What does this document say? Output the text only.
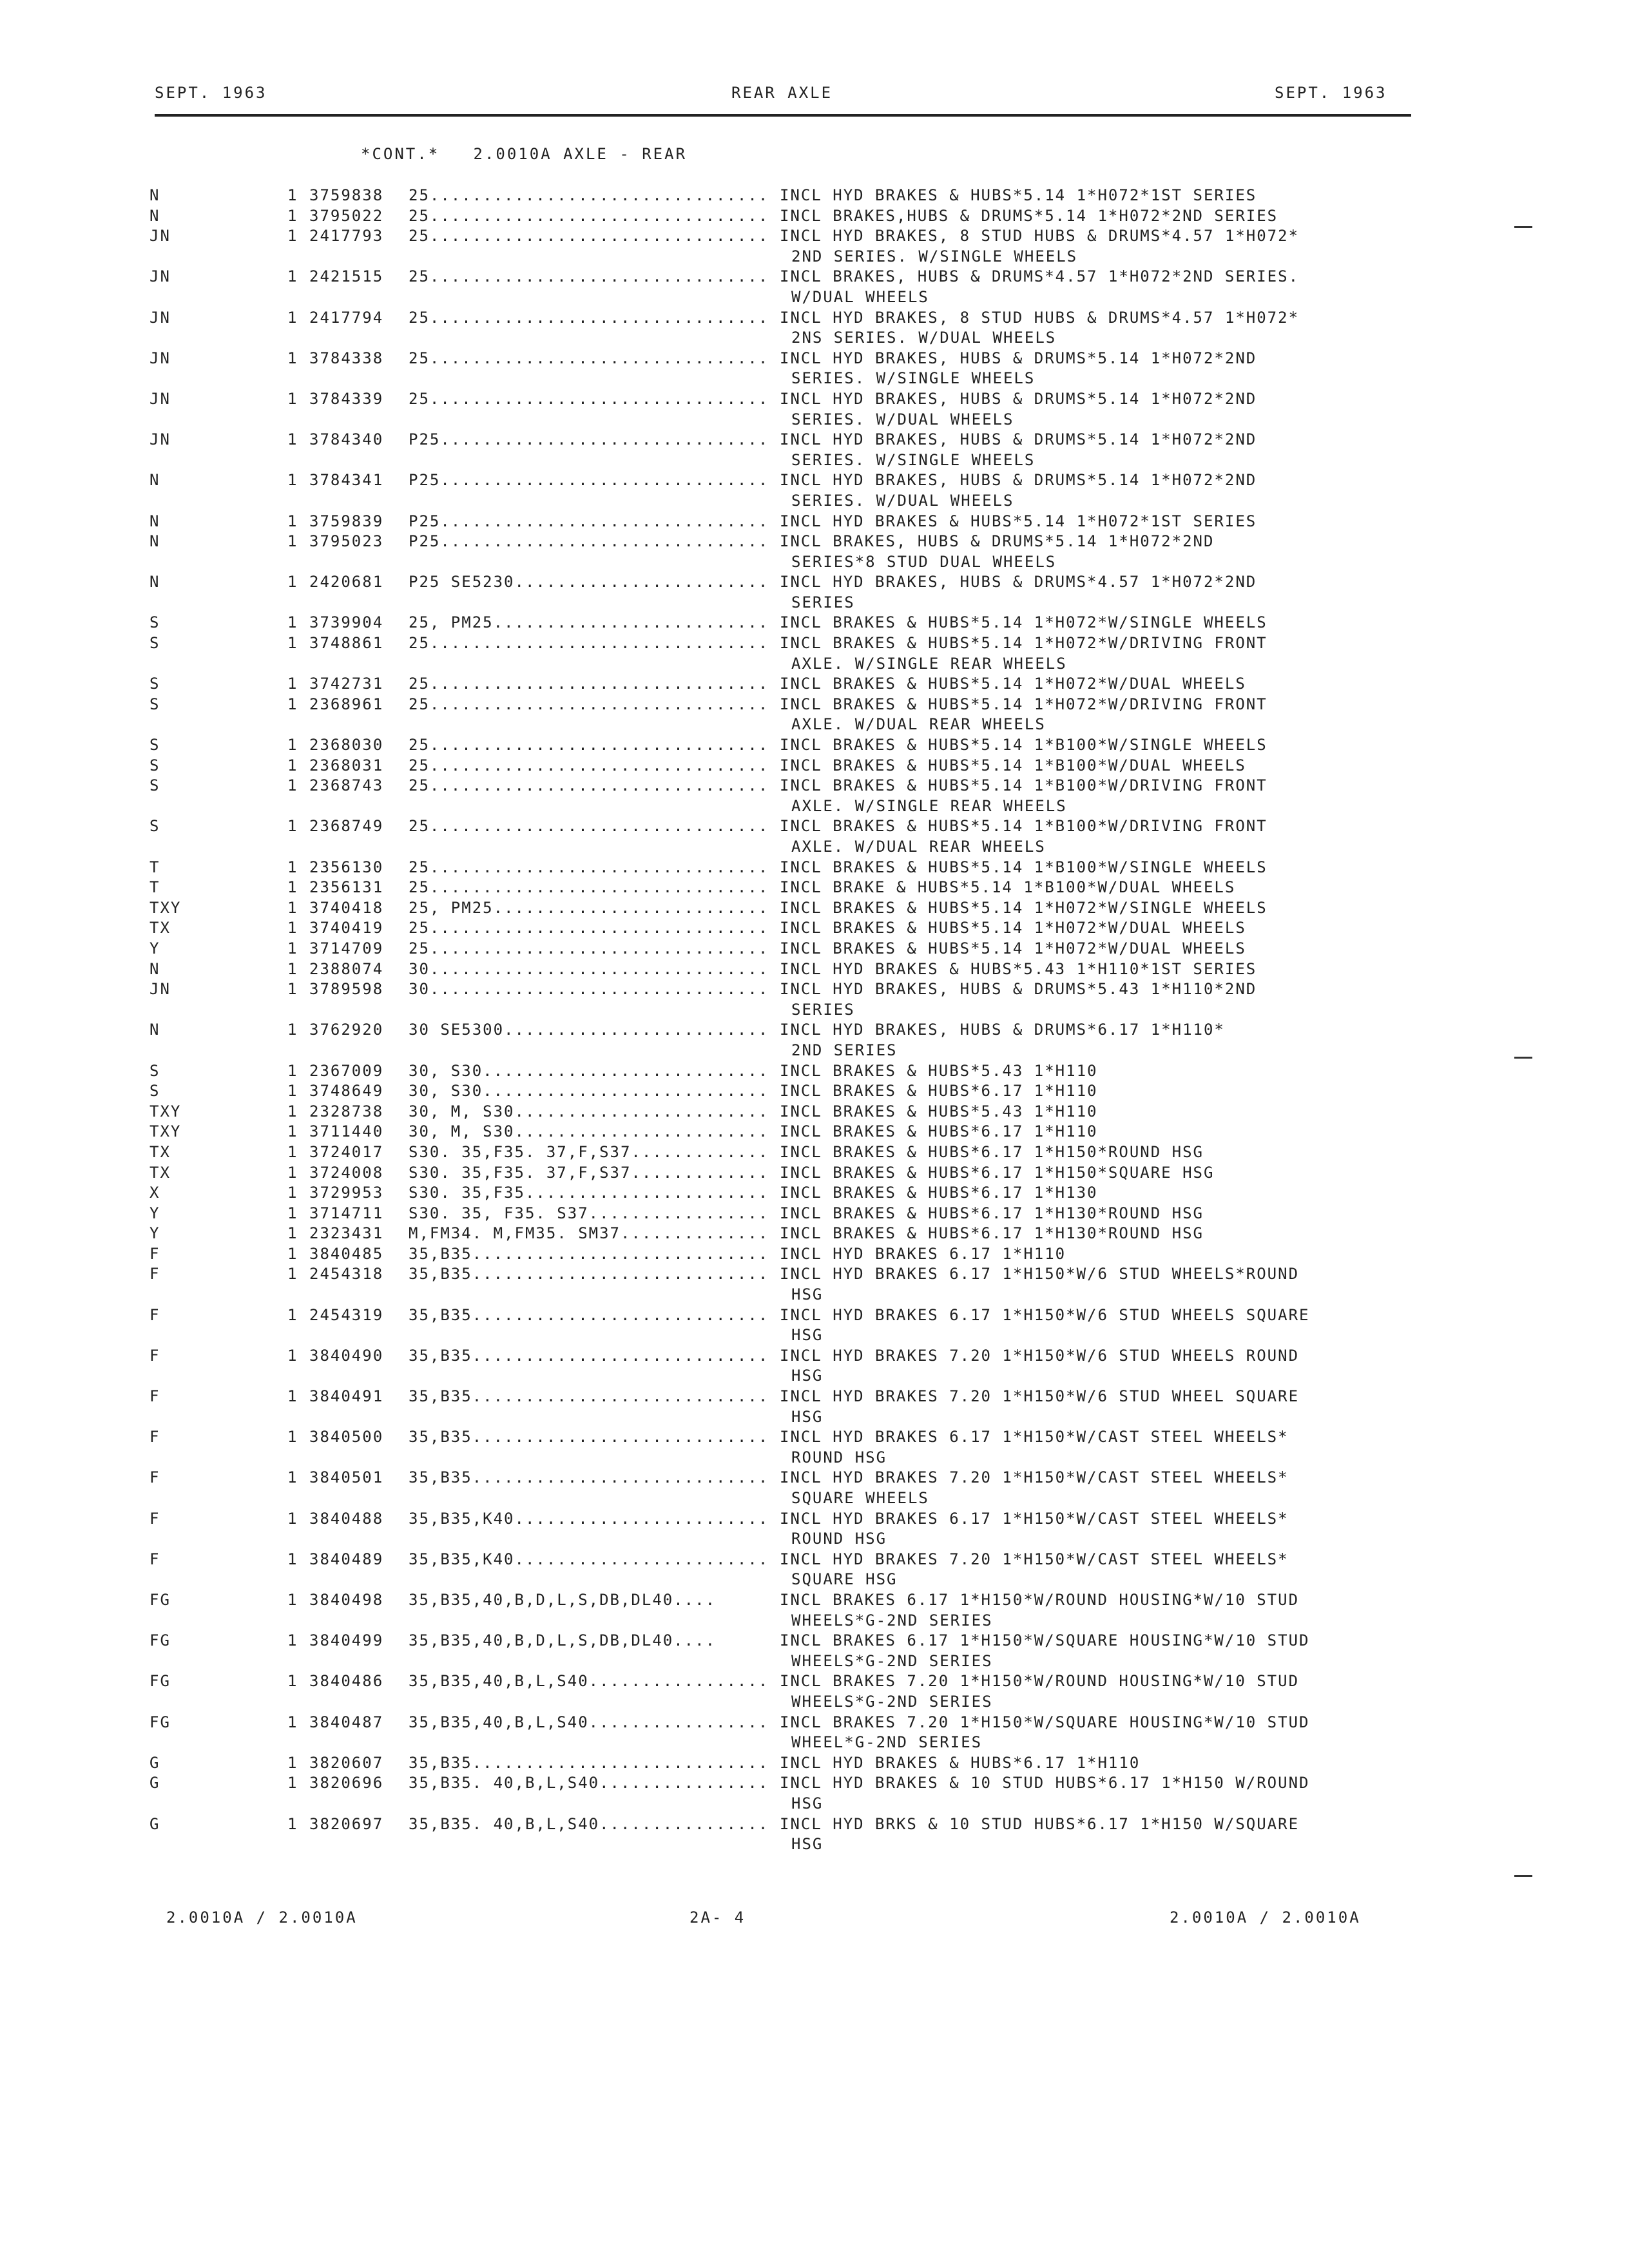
SEPT. 1963	REAR AXLE	SEPT. 1963
*CONT.*   2.0010A AXLE - REAR
N	1 3759838 25................................ INCL HYD BRAKES & HUBS*5.14 1*H072*1ST SERIES
N	1 3795022 25................................ INCL BRAKES,HUBS & DRUMS*5.14 1*H072*2ND SERIES
JN	1 2417793 25................................ INCL HYD BRAKES, 8 STUD HUBS & DRUMS*4.57 1*H072*
2ND SERIES. W/SINGLE WHEELS
JN	1 2421515 25................................ INCL BRAKES, HUBS & DRUMS*4.57 1*H072*2ND SERIES.
W/DUAL WHEELS
JN	1 2417794 25................................ INCL HYD BRAKES, 8 STUD HUBS & DRUMS*4.57 1*H072*
2NS SERIES. W/DUAL WHEELS
JN	1 3784338 25................................ INCL HYD BRAKES, HUBS & DRUMS*5.14 1*H072*2ND
SERIES. W/SINGLE WHEELS
JN	1 3784339 25................................ INCL HYD BRAKES, HUBS & DRUMS*5.14 1*H072*2ND
SERIES. W/DUAL WHEELS
JN	1 3784340 P25............................... INCL HYD BRAKES, HUBS & DRUMS*5.14 1*H072*2ND
SERIES. W/SINGLE WHEELS
N	1 3784341 P25............................... INCL HYD BRAKES, HUBS & DRUMS*5.14 1*H072*2ND
SERIES. W/DUAL WHEELS
N	1 3759839 P25............................... INCL HYD BRAKES & HUBS*5.14 1*H072*1ST SERIES
N	1 3795023 P25............................... INCL BRAKES, HUBS & DRUMS*5.14 1*H072*2ND
SERIES*8 STUD DUAL WHEELS
N	1 2420681 P25 SE5230........................ INCL HYD BRAKES, HUBS & DRUMS*4.57 1*H072*2ND
SERIES
S	1 3739904 25, PM25.......................... INCL BRAKES & HUBS*5.14 1*H072*W/SINGLE WHEELS
S	1 3748861 25................................ INCL BRAKES & HUBS*5.14 1*H072*W/DRIVING FRONT
AXLE. W/SINGLE REAR WHEELS
S	1 3742731 25................................ INCL BRAKES & HUBS*5.14 1*H072*W/DUAL WHEELS
S	1 2368961 25................................ INCL BRAKES & HUBS*5.14 1*H072*W/DRIVING FRONT
AXLE. W/DUAL REAR WHEELS
S	1 2368030 25................................ INCL BRAKES & HUBS*5.14 1*B100*W/SINGLE WHEELS
S	1 2368031 25................................ INCL BRAKES & HUBS*5.14 1*B100*W/DUAL WHEELS
S	1 2368743 25................................ INCL BRAKES & HUBS*5.14 1*B100*W/DRIVING FRONT
AXLE. W/SINGLE REAR WHEELS
S	1 2368749 25................................ INCL BRAKES & HUBS*5.14 1*B100*W/DRIVING FRONT
AXLE. W/DUAL REAR WHEELS
T	1 2356130 25................................ INCL BRAKES & HUBS*5.14 1*B100*W/SINGLE WHEELS
T	1 2356131 25................................ INCL BRAKE & HUBS*5.14 1*B100*W/DUAL WHEELS
TXY	1 3740418 25, PM25.......................... INCL BRAKES & HUBS*5.14 1*H072*W/SINGLE WHEELS
TX	1 3740419 25................................ INCL BRAKES & HUBS*5.14 1*H072*W/DUAL WHEELS
Y	1 3714709 25................................ INCL BRAKES & HUBS*5.14 1*H072*W/DUAL WHEELS
N	1 2388074 30................................ INCL HYD BRAKES & HUBS*5.43 1*H110*1ST SERIES
JN	1 3789598 30................................ INCL HYD BRAKES, HUBS & DRUMS*5.43 1*H110*2ND
SERIES
N	1 3762920 30 SE5300......................... INCL HYD BRAKES, HUBS & DRUMS*6.17 1*H110*
2ND SERIES
S	1 2367009 30, S30........................... INCL BRAKES & HUBS*5.43 1*H110
S	1 3748649 30, S30........................... INCL BRAKES & HUBS*6.17 1*H110
TXY	1 2328738 30, M, S30........................ INCL BRAKES & HUBS*5.43 1*H110
TXY	1 3711440 30, M, S30........................ INCL BRAKES & HUBS*6.17 1*H110
TX	1 3724017 S30. 35,F35. 37,F,S37............. INCL BRAKES & HUBS*6.17 1*H150*ROUND HSG
TX	1 3724008 S30. 35,F35. 37,F,S37............. INCL BRAKES & HUBS*6.17 1*H150*SQUARE HSG
X	1 3729953 S30. 35,F35....................... INCL BRAKES & HUBS*6.17 1*H130
Y	1 3714711 S30. 35, F35. S37................. INCL BRAKES & HUBS*6.17 1*H130*ROUND HSG
Y	1 2323431 M,FM34. M,FM35. SM37.............. INCL BRAKES & HUBS*6.17 1*H130*ROUND HSG
F	1 3840485 35,B35............................ INCL HYD BRAKES 6.17 1*H110
F	1 2454318 35,B35............................ INCL HYD BRAKES 6.17 1*H150*W/6 STUD WHEELS*ROUND
HSG
F	1 2454319 35,B35............................ INCL HYD BRAKES 6.17 1*H150*W/6 STUD WHEELS SQUARE
HSG
F	1 3840490 35,B35............................ INCL HYD BRAKES 7.20 1*H150*W/6 STUD WHEELS ROUND
HSG
F	1 3840491 35,B35............................ INCL HYD BRAKES 7.20 1*H150*W/6 STUD WHEEL SQUARE
HSG
F	1 3840500 35,B35............................ INCL HYD BRAKES 6.17 1*H150*W/CAST STEEL WHEELS*
ROUND HSG
F	1 3840501 35,B35............................ INCL HYD BRAKES 7.20 1*H150*W/CAST STEEL WHEELS*
SQUARE WHEELS
F	1 3840488 35,B35,K40........................ INCL HYD BRAKES 6.17 1*H150*W/CAST STEEL WHEELS*
ROUND HSG
F	1 3840489 35,B35,K40........................ INCL HYD BRAKES 7.20 1*H150*W/CAST STEEL WHEELS*
SQUARE HSG
FG	1 3840498 35,B35,40,B,D,L,S,DB,DL40....	INCL BRAKES 6.17 1*H150*W/ROUND HOUSING*W/10 STUD
WHEELS*G-2ND SERIES
FG	1 3840499 35,B35,40,B,D,L,S,DB,DL40....	INCL BRAKES 6.17 1*H150*W/SQUARE HOUSING*W/10 STUD
WHEELS*G-2ND SERIES
FG	1 3840486 35,B35,40,B,L,S40................. INCL BRAKES 7.20 1*H150*W/ROUND HOUSING*W/10 STUD
WHEELS*G-2ND SERIES
FG	1 3840487 35,B35,40,B,L,S40................. INCL BRAKES 7.20 1*H150*W/SQUARE HOUSING*W/10 STUD
WHEEL*G-2ND SERIES
G	1 3820607 35,B35............................ INCL HYD BRAKES & HUBS*6.17 1*H110
G	1 3820696 35,B35. 40,B,L,S40................ INCL HYD BRAKES & 10 STUD HUBS*6.17 1*H150 W/ROUND
HSG
G	1 3820697 35,B35. 40,B,L,S40................ INCL HYD BRKS & 10 STUD HUBS*6.17 1*H150 W/SQUARE
HSG
2.0010A / 2.0010A	2A- 4	2.0010A / 2.0010A
